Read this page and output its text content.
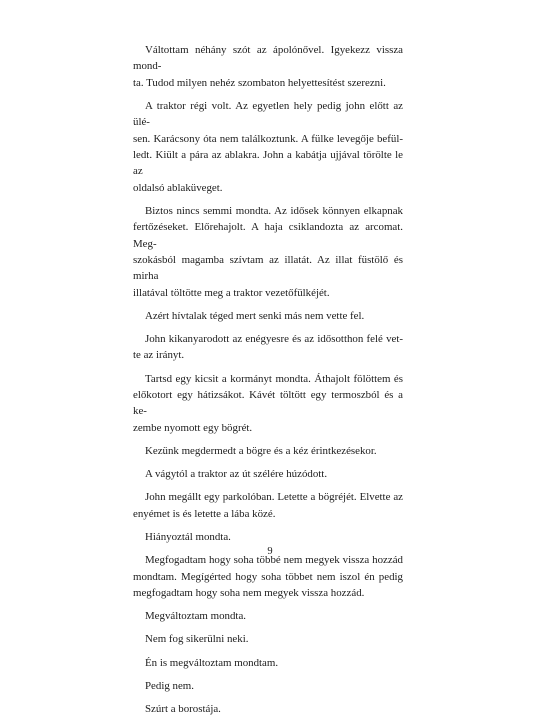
Váltottam néhány szót az ápolónővel. Igyekezz vissza mond-
ta. Tudod milyen nehéz szombaton helyettesítést szerezni.

A traktor régi volt. Az egyetlen hely pedig john előtt az ülé-
sen. Karácsony óta nem találkoztunk. A fülke levegője befül-
ledt. Kiült a pára az ablakra. John a kabátja ujjával törölte le az
oldalsó ablaküveget.

Biztos nincs semmi mondta. Az idősek könnyen elkapnak
fertőzéseket. Előrehajolt. A haja csiklandozta az arcomat. Meg-
szokásból magamba szívtam az illatát. Az illat füstölő és mirha
illatával töltötte meg a traktor vezetőfülkéjét.

Azért hívtalak téged mert senki más nem vette fel.

John kikanyarodott az enégyesre és az idősotthon felé vet-
te az irányt.

Tartsd egy kicsit a kormányt mondta. Áthajolt fölöttem és
előkotort egy hátizsákot. Kávét töltött egy termoszból és a ke-
zembe nyomott egy bögrét.

Kezünk megdermedt a bögre és a kéz érintkezésekor.

A vágytól a traktor az út szélére húzódott.

John megállt egy parkolóban. Letette a bögréjét. Elvette az
enyémet is és letette a lába közé.

Hiányoztál mondta.

Megfogadtam hogy soha többé nem megyek vissza hozzád
mondtam. Megígérted hogy soha többet nem iszol én pedig
megfogadtam hogy soha nem megyek vissza hozzád.

Megváltoztam mondta.

Nem fog sikerülni neki.

Én is megváltoztam mondtam.

Pedig nem.

Szúrt a borostája.

9
